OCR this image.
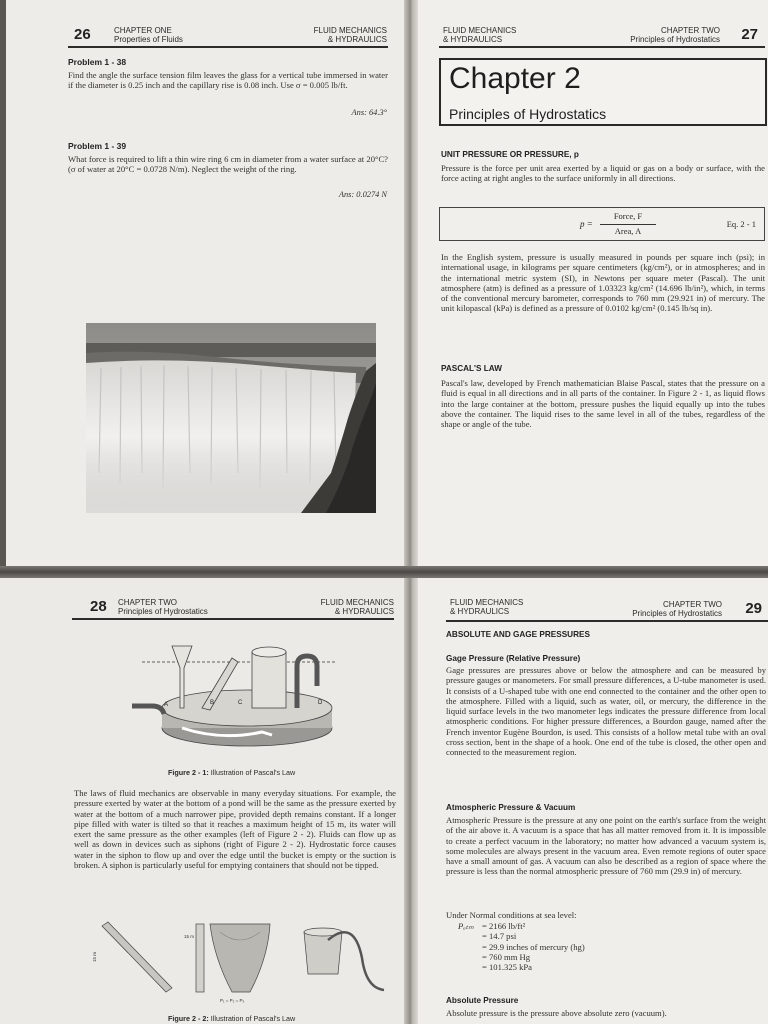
26	CHAPTER ONE
Properties of Fluids
FLUID MECHANICS
& HYDRAULICS
Problem 1 - 38
Find the angle the surface tension film leaves the glass for a vertical tube immersed in water if the diameter is 0.25 inch and the capillary rise is 0.08 inch. Use σ = 0.005 lb/ft.
Ans: 64.3°
Problem 1 - 39
What force is required to lift a thin wire ring 6 cm in diameter from a water surface at 20°C? (σ of water at 20°C = 0.0728 N/m). Neglect the weight of the ring.
Ans: 0.0274 N
FLUID MECHANICS
& HYDRAULICS
CHAPTER TWO
Principles of Hydrostatics 27
Chapter 2
Principles of Hydrostatics
UNIT PRESSURE OR PRESSURE, p
Pressure is the force per unit area exerted by a liquid or gas on a body or surface, with the force acting at right angles to the surface uniformly in all directions.
p =
Force, F
Area, A
Eq. 2 - 1
In the English system, pressure is usually measured in pounds per square inch (psi); in international usage, in kilograms per square centimeters (kg/cm²), or in atmospheres; and in the international metric system (SI), in Newtons per square meter (Pascal). The unit atmosphere (atm) is defined as a pressure of 1.03323 kg/cm² (14.696 lb/in²), which, in terms of the conventional mercury barometer, corresponds to 760 mm (29.921 in) of mercury. The unit kilopascal (kPa) is defined as a pressure of 0.0102 kg/cm² (0.145 lb/sq in).
PASCAL'S LAW
Pascal's law, developed by French mathematician Blaise Pascal, states that the pressure on a fluid is equal in all directions and in all parts of the container. In Figure 2 - 1, as liquid flows into the large container at the bottom, pressure pushes the liquid equally up into the tubes above the container. The liquid rises to the same level in all of the tubes, regardless of the shape or angle of the tube.
28 CHAPTER TWO
Principles of Hydrostatics
FLUID MECHANICS
& HYDRAULICS
A	B	C	D
Figure 2 - 1: Illustration of Pascal's Law
The laws of fluid mechanics are observable in many everyday situations. For example, the pressure exerted by water at the bottom of a pond will be the same as the pressure exerted by water at the bottom of a much narrower pipe, provided depth remains constant. If a longer pipe filled with water is tilted so that it reaches a maximum height of 15 m, its water will exert the same pressure as the other examples (left of Figure 2 - 2). Fluids can flow up as well as down in devices such as siphons (right of Figure 2 - 2). Hydrostatic force causes water in the siphon to flow up and over the edge until the bucket is empty or the suction is broken. A siphon is particularly useful for emptying containers that should not be tipped.
15 m
15 m
P₁ = P₂ = P₃
Figure 2 - 2: Illustration of Pascal's Law
FLUID MECHANICS
& HYDRAULICS
CHAPTER TWO
Principles of Hydrostatics 29
ABSOLUTE AND GAGE PRESSURES
Gage Pressure (Relative Pressure)
Gage pressures are pressures above or below the atmosphere and can be measured by pressure gauges or manometers. For small pressure differences, a U-tube manometer is used. It consists of a U-shaped tube with one end connected to the container and the other open to the atmosphere. Filled with a liquid, such as water, oil, or mercury, the difference in the liquid surface levels in the two manometer legs indicates the pressure difference from local atmospheric conditions. For higher pressure differences, a Bourdon gauge, named after the French inventor Eugène Bourdon, is used. This consists of a hollow metal tube with an oval cross section, bent in the shape of a hook. One end of the tube is closed, the other open and connected to the measurement region.
Atmospheric Pressure & Vacuum
Atmospheric Pressure is the pressure at any one point on the earth's surface from the weight of the air above it. A vacuum is a space that has all matter removed from it. It is impossible to create a perfect vacuum in the laboratory; no matter how advanced a vacuum system is, some molecules are always present in the vacuum area. Even remote regions of outer space have a small amount of gas. A vacuum can also be described as a region of space where the pressure is less than the normal atmospheric pressure of 760 mm (29.9 in) of mercury.
Under Normal conditions at sea level:
Pₐₜₘ = 2166 lb/ft²
= 14.7 psi
= 29.9 inches of mercury (hg)
= 760 mm Hg
= 101.325 kPa
Absolute Pressure
Absolute pressure is the pressure above absolute zero (vacuum).
